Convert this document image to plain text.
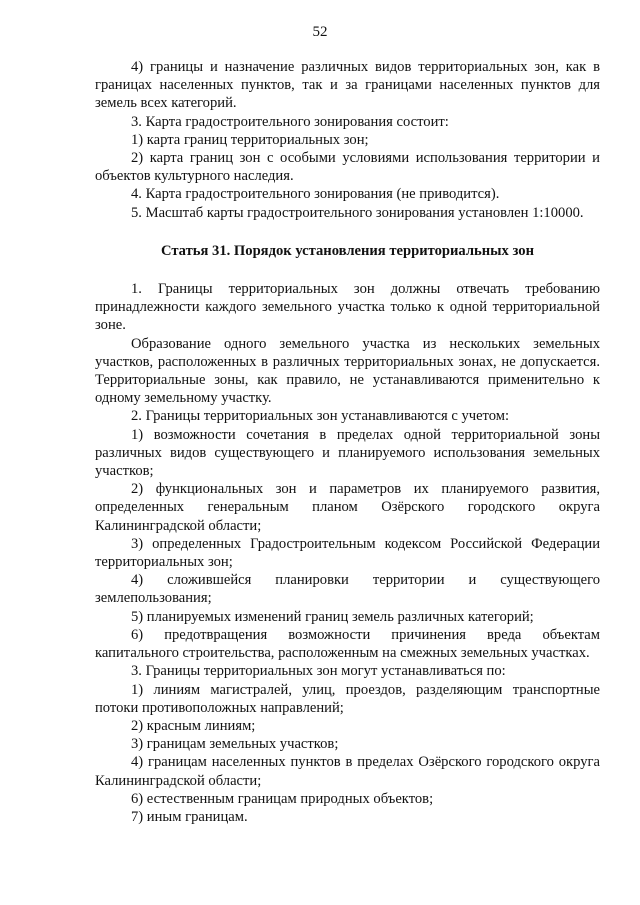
52

4) границы и назначение различных видов территориальных зон, как в границах населенных пунктов, так и за границами населенных пунктов для земель всех категорий.

3. Карта градостроительного зонирования состоит:

1) карта границ территориальных зон;

2) карта границ зон с особыми условиями использования территории и объектов культурного наследия.

4. Карта градостроительного зонирования (не приводится).

5. Масштаб карты градостроительного зонирования установлен 1:10000.

Статья 31. Порядок установления территориальных зон

1. Границы территориальных зон должны отвечать требованию принадлежности каждого земельного участка только к одной территориальной зоне.

Образование одного земельного участка из нескольких земельных участков, расположенных в различных территориальных зонах, не допускается. Территориальные зоны, как правило, не устанавливаются применительно к одному земельному участку.

2. Границы территориальных зон устанавливаются с учетом:

1) возможности сочетания в пределах одной территориальной зоны различных видов существующего и планируемого использования земельных участков;

2) функциональных зон и параметров их планируемого развития, определенных генеральным планом Озёрского городского округа Калининградской области;

3) определенных Градостроительным кодексом Российской Федерации территориальных зон;

4) сложившейся планировки территории и существующего землепользования;

5) планируемых изменений границ земель различных категорий;

6) предотвращения возможности причинения вреда объектам капитального строительства, расположенным на смежных земельных участках.

3. Границы территориальных зон могут устанавливаться по:

1) линиям магистралей, улиц, проездов, разделяющим транспортные потоки противоположных направлений;

2) красным линиям;

3) границам земельных участков;

4) границам населенных пунктов в пределах Озёрского городского округа Калининградской области;

6) естественным границам природных объектов;

7) иным границам.
